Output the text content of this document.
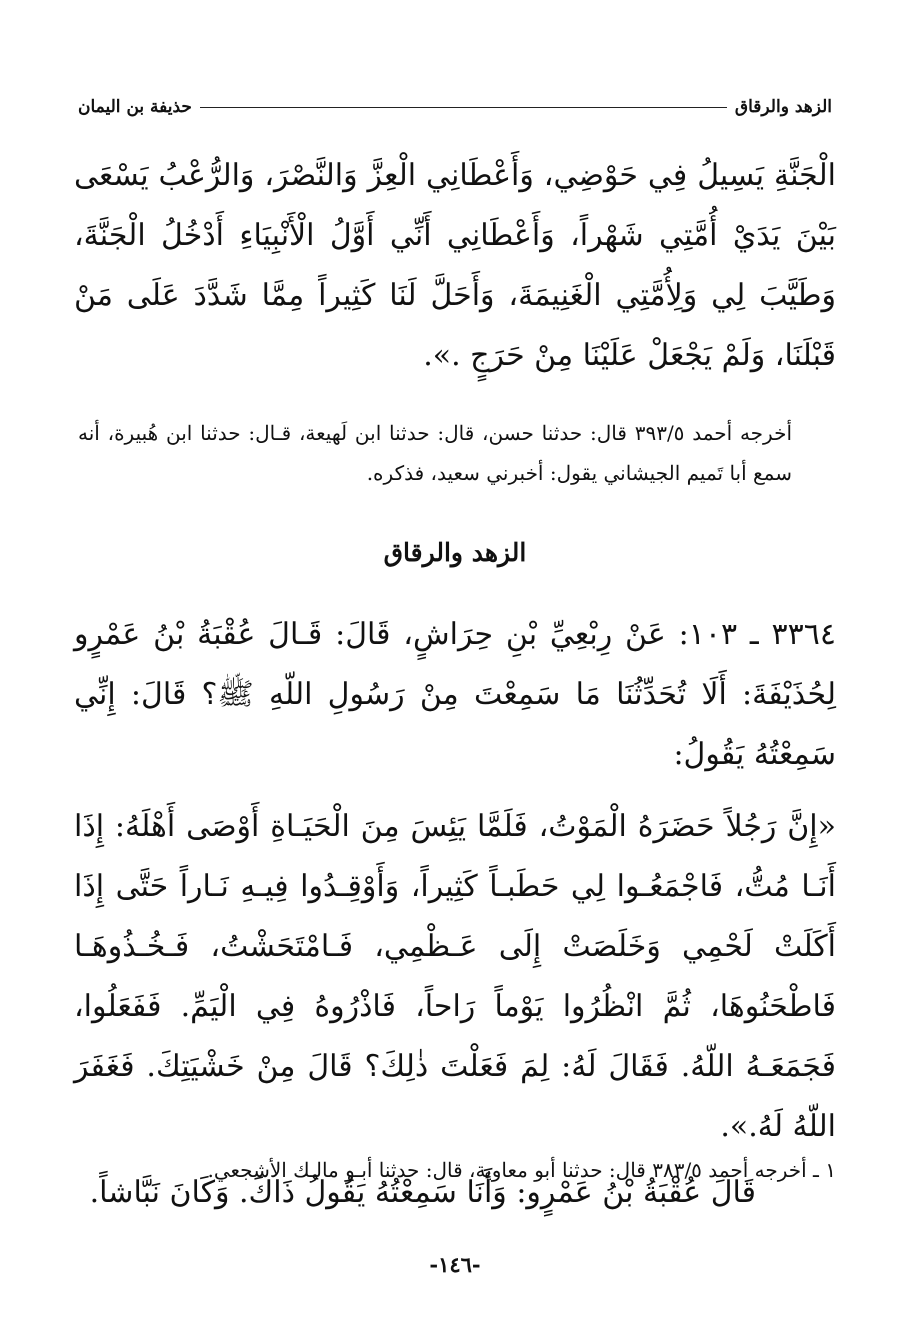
الزهد والرقاق
حذيفة بن اليمان

الْجَنَّةِ يَسِيلُ فِي حَوْضِي، وَأَعْطَانِي الْعِزَّ وَالنَّصْرَ، وَالرُّعْبُ يَسْعَى بَيْنَ يَدَيْ أُمَّتِي شَهْراً، وَأَعْطَانِي أَنِّي أَوَّلُ الْأَنْبِيَاءِ أَدْخُلُ الْجَنَّةَ، وَطَيَّبَ لِي وَلِأُمَّتِي الْغَنِيمَةَ، وَأَحَلَّ لَنَا كَثِيراً مِمَّا شَدَّدَ عَلَى مَنْ قَبْلَنَا، وَلَمْ يَجْعَلْ عَلَيْنَا مِنْ حَرَجٍ .».

أخرجه أحمد ٣٩٣/٥ قال: حدثنا حسن، قال: حدثنا ابن لَهيعة، قـال: حدثنا ابن هُبيرة، أنه سمع أبا تَميم الجيشاني يقول: أخبرني سعيد، فذكره.

الزهد والرقاق

٣٣٦٤ ـ ١٠٣: عَنْ رِبْعِيِّ بْنِ حِرَاشٍ، قَالَ: قَـالَ عُقْبَةُ بْنُ عَمْرٍو لِحُذَيْفَةَ: أَلَا تُحَدِّثُنَا مَا سَمِعْتَ مِنْ رَسُولِ اللّهِ ﷺ؟ قَالَ: إِنِّي سَمِعْتُهُ يَقُولُ:

«إِنَّ رَجُلاً حَضَرَهُ الْمَوْتُ، فَلَمَّا يَئِسَ مِنَ الْحَيَـاةِ أَوْصَى أَهْلَهُ: إِذَا أَنَـا مُتُّ، فَاجْمَعُـوا لِي حَطَبـاً كَثِيراً، وَأَوْقِـدُوا فِيـهِ نَـاراً حَتَّى إِذَا أَكَلَتْ لَحْمِي وَخَلَصَتْ إِلَى عَـظْمِي، فَـامْتَحَشْتُ، فَـخُـذُوهَـا فَاطْحَنُوهَا، ثُمَّ انْظُرُوا يَوْماً رَاحاً، فَاذْرُوهُ فِي الْيَمِّ. فَفَعَلُوا، فَجَمَعَـهُ اللّهُ. فَقَالَ لَهُ: لِمَ فَعَلْتَ ذٰلِكَ؟ قَالَ مِنْ خَشْيَتِكَ. فَغَفَرَ اللّهُ لَهُ.».

قَالَ عُقْبَةُ بْنُ عَمْرٍو: وَأَنَا سَمِعْتُهُ يَقُولُ ذَاكَ. وَكَانَ نَبَّاشاً.

١ ـ أخرجه أحمد ٣٨٣/٥ قال: حدثنا أبو معاوية، قال: حدثنا أبـو مالـك الأشجعي.

-١٤٦-
